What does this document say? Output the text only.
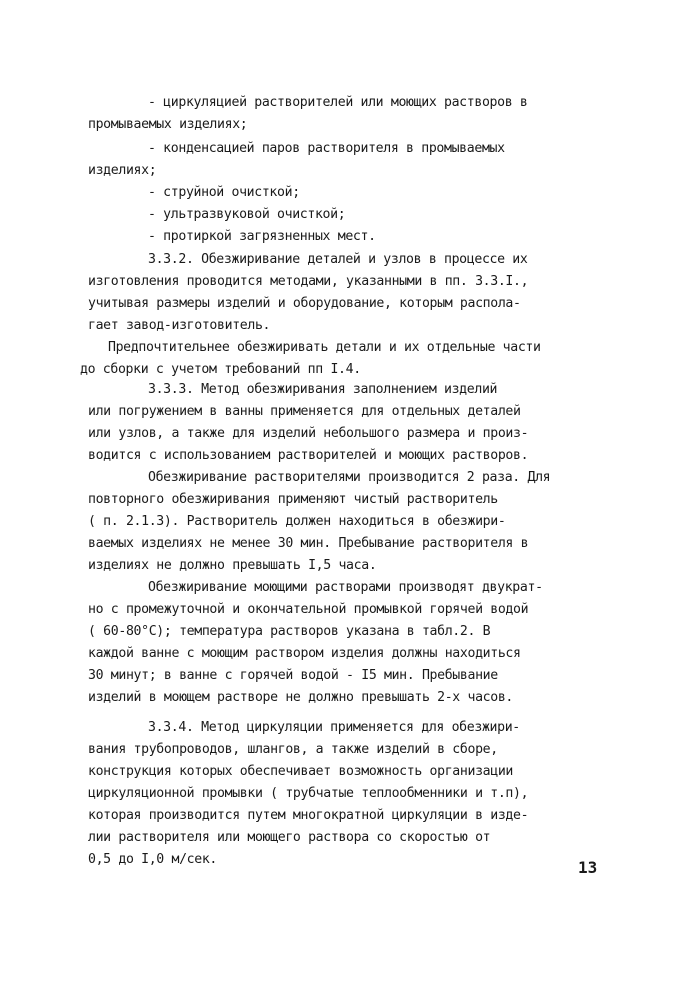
- циркуляцией растворителей или моющих растворов в
промываемых изделиях;
- конденсацией паров растворителя в промываемых
изделиях;
- струйной очисткой;
- ультразвуковой очисткой;
- протиркой загрязненных мест.
3.3.2. Обезжиривание деталей и узлов в процессе их
изготовления проводится методами, указанными в пп. 3.3.I.,
учитывая размеры изделий и оборудование, которым распола-
гает завод-изготовитель.
Предпочтительнее обезжиривать детали и их отдельные части
до сборки с учетом требований пп I.4.
3.3.3. Метод обезжиривания заполнением изделий
или погружением в ванны применяется для отдельных деталей
или узлов, а также для изделий небольшого размера и произ-
водится с использованием растворителей и моющих растворов.
Обезжиривание растворителями производится 2 раза. Для
повторного обезжиривания применяют чистый растворитель
( п. 2.1.3). Растворитель должен находиться в обезжири-
ваемых изделиях не менее 30 мин. Пребывание растворителя в
изделиях не должно превышать I,5 часа.
Обезжиривание моющими растворами производят двукрат-
но с промежуточной и окончательной промывкой горячей водой
( 60-80°C); температура растворов указана в табл.2. В
каждой ванне с моющим раствором изделия должны находиться
30 минут; в ванне с горячей водой - I5 мин. Пребывание
изделий в моющем растворе не должно превышать 2-х часов.
3.3.4. Метод циркуляции применяется для обезжири-
вания трубопроводов, шлангов, а также изделий в сборе,
конструкция которых обеспечивает возможность организации
циркуляционной промывки ( трубчатые теплообменники и т.п),
которая производится путем многократной циркуляции в изде-
лии растворителя или моющего раствора со скоростью от
0,5 до I,0 м/сек.	13
